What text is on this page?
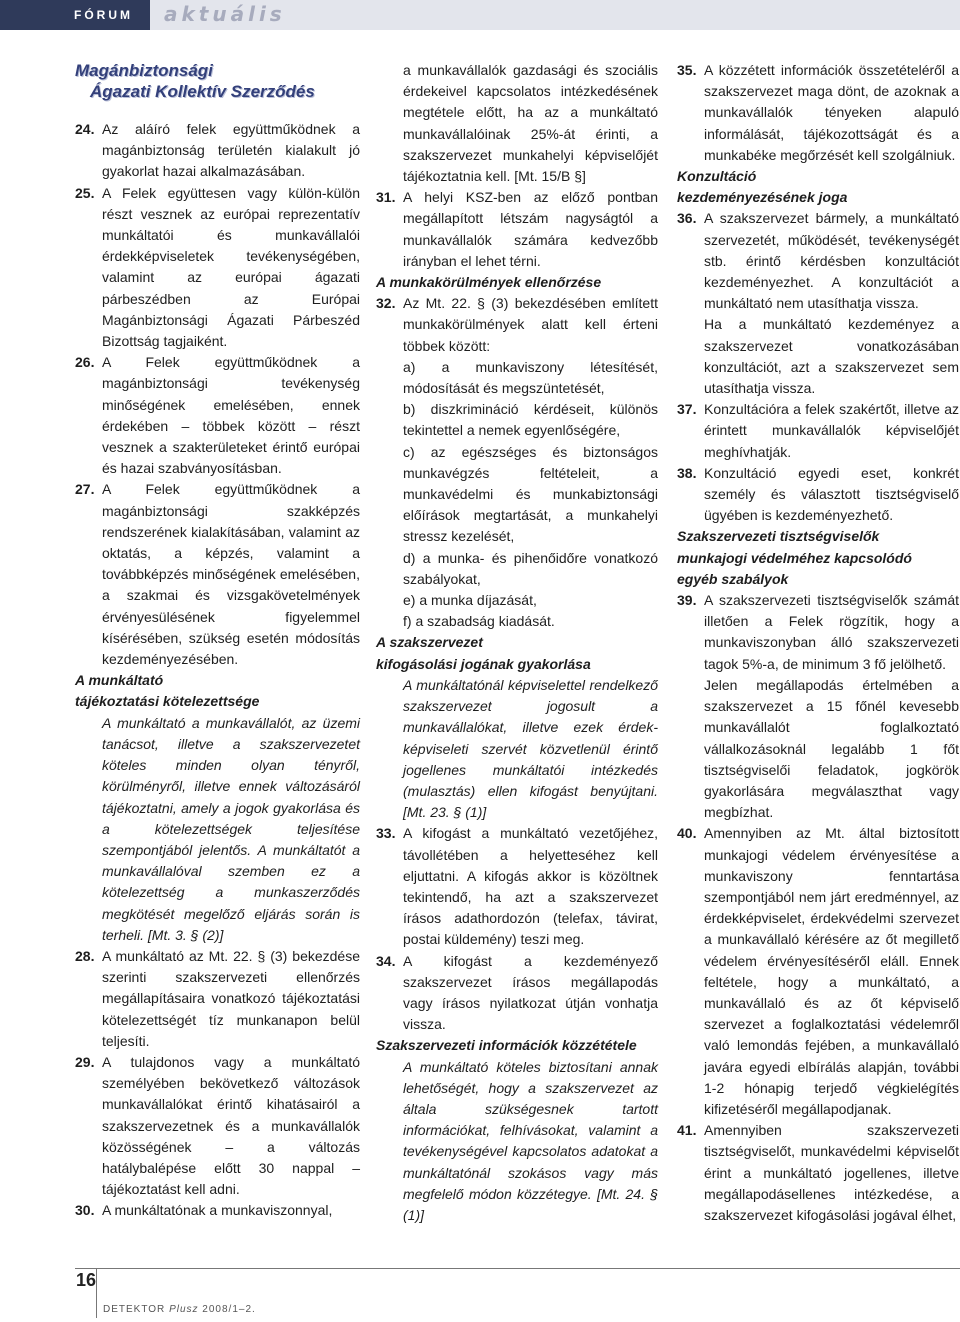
FÓRUM aktuális
Magánbiztonsági
Ágazati Kollektív Szerződés

24. Az aláíró felek együttműködnek a magánbiztonság területén kialakult jó gyakorlat hazai alkalmazásában.

25. A Felek együttesen vagy külön-külön részt vesznek az európai reprezentatív munkáltatói és munkavállalói érdekképviseletek tevékenységében, valamint az európai ágazati párbeszédben az Európai Magánbiztonsági Ágazati Párbeszéd Bizottság tagjaiként.

26. A Felek együttműködnek a magánbiztonsági tevékenység minőségének emelésében, ennek érdekében – többek között – részt vesznek a szakterületeket érintő európai és hazai szabványosításban.

27. A Felek együttműködnek a magánbiztonsági szakképzés rendszerének kialakításában, valamint az oktatás, a képzés, valamint a továbbképzés minőségének emelésében, a szakmai és vizsgakövetelmények érvényesülésének figyelemmel kísérésében, szükség esetén módosítás kezdeményezésében.

A munkáltató
tájékoztatási kötelezettsége

A munkáltató a munkavállalót, az üzemi tanácsot, illetve a szakszervezetet köteles minden olyan tényről, körülményről, illetve ennek változásáról tájékoztatni, amely a jogok gyakorlása és a kötelezettségek teljesítése szempontjából jelentős. A munkáltatót a munkavállalóval szemben ez a kötelezettség a munkaszerződés megkötését megelőző eljárás során is terheli. [Mt. 3. § (2)]

28. A munkáltató az Mt. 22. § (3) bekezdése szerinti szakszervezeti ellenőrzés megállapításaira vonatkozó tájékoztatási kötelezettségét tíz munkanapon belül teljesíti.

29. A tulajdonos vagy a munkáltató személyében bekövetkező változások munkavállalókat érintő kihatásairól a szakszervezetnek és a munkavállalók közösségének – a változás hatálybalépése előtt 30 nappal – tájékoztatást kell adni.

30. A munkáltatónak a munkaviszonnyal,

a munkavállalók gazdasági és szociális érdekeivel kapcsolatos intézkedésének megtétele előtt, ha az a munkáltató munkavállalóinak 25%-át érinti, a szakszervezet munkahelyi képviselőjét tájékoztatnia kell. [Mt. 15/B §]

31. A helyi KSZ-ben az előző pontban megállapított létszám nagyságtól a munkavállalók számára kedvezőbb irányban el lehet térni.

A munkakörülmények ellenőrzése

32. Az Mt. 22. § (3) bekezdésében említett munkakörülmények alatt kell érteni többek között:

a) a munkaviszony létesítését, módosítását és megszüntetését,

b) diszkrimináció kérdéseit, különös tekintettel a nemek egyenlőségére,

c) az egészséges és biztonságos munkavégzés feltételeit, a munkavédelmi és munkabiztonsági előírások megtartását, a munkahelyi stressz kezelését,

d) a munka- és pihenőidőre vonatkozó szabályokat,

e) a munka díjazását,

f) a szabadság kiadását.

A szakszervezet
kifogásolási jogának gyakorlása

A munkáltatónál képviselettel rendelkező szakszervezet jogosult a munkavállalókat, illetve ezek érdek-képviseleti szervét közvetlenül érintő jogellenes munkáltatói intézkedés (mulasztás) ellen kifogást benyújtani. [Mt. 23. § (1)]

33. A kifogást a munkáltató vezetőjéhez, távollétében a helyetteséhez kell eljuttatni. A kifogás akkor is közöltnek tekintendő, ha azt a szakszervezet írásos adathordozón (telefax, távirat, postai küldemény) teszi meg.

34. A kifogást a kezdeményező szakszervezet írásos megállapodás vagy írásos nyilatkozat útján vonhatja vissza.

Szakszervezeti információk közzététele

A munkáltató köteles biztosítani annak lehetőségét, hogy a szakszervezet az általa szükségesnek tartott információkat, felhívásokat, valamint a tevékenységével kapcsolatos adatokat a munkáltatónál szokásos vagy más megfelelő módon közzétegye. [Mt. 24. § (1)]

35. A közzétett információk összetételéről a szakszervezet maga dönt, de azoknak a munkavállalók tényeken alapuló informálását, tájékozottságát és a munkabéke megőrzését kell szolgálniuk.

Konzultáció
kezdeményezésének joga

36. A szakszervezet bármely, a munkáltató szervezetét, működését, tevékenységét stb. érintő kérdésben konzultációt kezdeményezhet. A konzultációt a munkáltató nem utasíthatja vissza.

Ha a munkáltató kezdeményez a szakszervezet vonatkozásában konzultációt, azt a szakszervezet sem utasíthatja vissza.

37. Konzultációra a felek szakértőt, illetve az érintett munkavállalók képviselőjét meghívhatják.

38. Konzultáció egyedi eset, konkrét személy és választott tisztségviselő ügyében is kezdeményezhető.

Szakszervezeti tisztségviselők
munkajogi védelméhez kapcsolódó
egyéb szabályok

39. A szakszervezeti tisztségviselők számát illetően a Felek rögzítik, hogy a munkaviszonyban álló szakszervezeti tagok 5%-a, de minimum 3 fő jelölhető.

Jelen megállapodás értelmében a szakszervezet a 15 főnél kevesebb munkavállalót foglalkoztató vállalkozásoknál legalább 1 főt tisztségviselői feladatok, jogkörök gyakorlására megválaszthat vagy megbízhat.

40. Amennyiben az Mt. által biztosított munkajogi védelem érvényesítése a munkaviszony fenntartása szempontjából nem járt eredménnyel, az érdekképviselet, érdekvédelmi szervezet a munkavállaló kérésére az őt megillető védelem érvényesítéséről eláll. Ennek feltétele, hogy a munkáltató, a munkavállaló és az őt képviselő szervezet a foglalkoztatási védelemről való lemondás fejében, a munkavállaló javára egyedi elbírálás alapján, további 1-2 hónapig terjedő végkielégítés kifizetéséről megállapodjanak.

41. Amennyiben szakszervezeti tisztségviselőt, munkavédelmi képviselőt érint a munkáltató jogellenes, illetve megállapodásellenes intézkedése, a szakszervezet kifogásolási jogával élhet,

16
DETEKTOR Plusz 2008/1–2.
